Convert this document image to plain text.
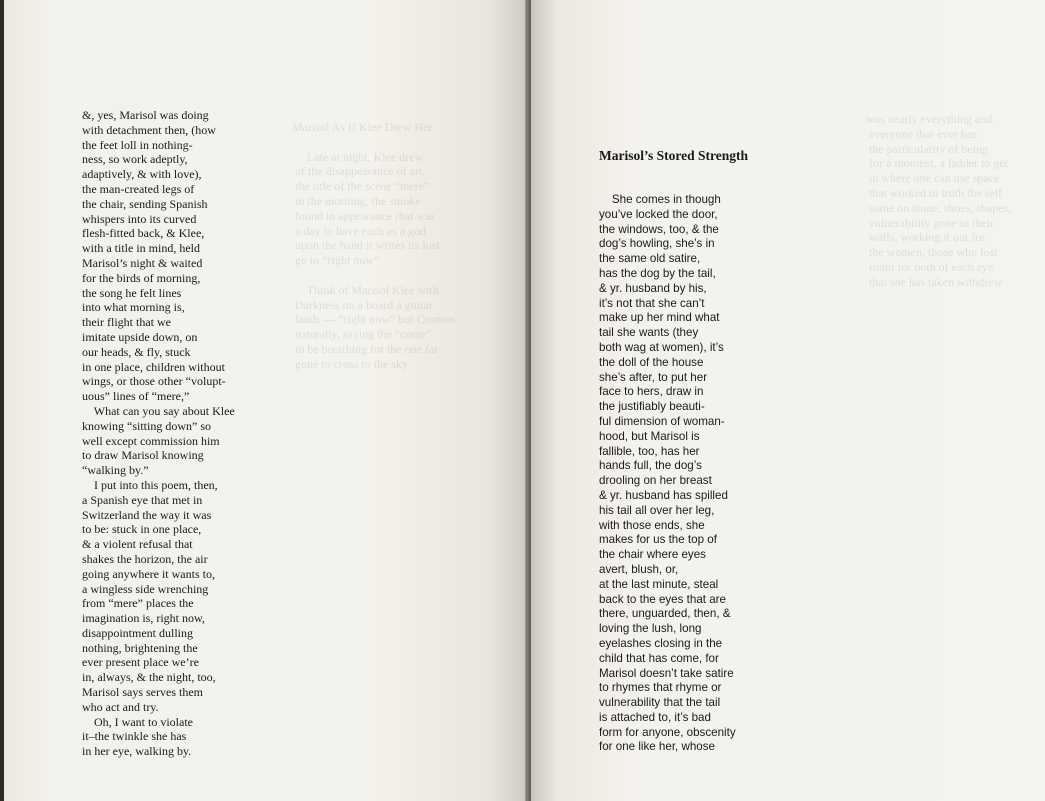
Marisol As If Klee Drew Her

Late at night, Klee drew
of the disappearance of art,
the title of the scene “mere”
in the morning, the smoke
found in appearance that was
a day to have each as a god
upon the hand it writes its lost
go to “right now”

Think of Marisol Klee with
Darkness on a board a guitar
lands — “right now” but Cosmos
naturally, saying the “come”
to be breathing for the one far
gone to cross to the sky
&, yes, Marisol was doing
with detachment then, (how
the feet loll in nothing-
ness, so work adeptly,
adaptively, & with love),
the man-created legs of
the chair, sending Spanish
whispers into its curved
flesh-fitted back, & Klee,
with a title in mind, held
Marisol’s night & waited
for the birds of morning,
the song he felt lines
into what morning is,
their flight that we
imitate upside down, on
our heads, & fly, stuck
in one place, children without
wings, or those other “volupt-
uous” lines of “mere,”
What can you say about Klee
knowing “sitting down” so
well except commission him
to draw Marisol knowing
“walking by.”
I put into this poem, then,
a Spanish eye that met in
Switzerland the way it was
to be: stuck in one place,
& a violent refusal that
shakes the horizon, the air
going anywhere it wants to,
a wingless side wrenching
from “mere” places the
imagination is, right now,
disappointment dulling
nothing, brightening the
ever present place we’re
in, always, & the night, too,
Marisol says serves them
who act and try.
Oh, I want to violate
it–the twinkle she has
in her eye, walking by.
Marisol’s Stored Strength
She comes in though
you’ve locked the door,
the windows, too, & the
dog’s howling, she’s in
the same old satire,
has the dog by the tail,
& yr. husband by his,
it’s not that she can’t
make up her mind what
tail she wants (they
both wag at women), it’s
the doll of the house
she’s after, to put her
face to hers, draw in
the justifiably beauti-
ful dimension of woman-
hood, but Marisol is
fallible, too, has her
hands full, the dog’s
drooling on her breast
& yr. husband has spilled
his tail all over her leg,
with those ends, she
makes for us the top of
the chair where eyes
avert, blush, or,
at the last minute, steal
back to the eyes that are
there, unguarded, then, &
loving the lush, long
eyelashes closing in the
child that has come, for
Marisol doesn’t take satire
to rhymes that rhyme or
vulnerability that the tail
is attached to, it’s bad
form for anyone, obscenity
for one like her, whose
was nearly everything and
everyone that ever has
the particularity of being
for a moment, a ladder to get
in where one can use space
that worked in truth the self
some on stone, shoes, shapes,
vulnerability gone to their
walls, working it out for
the women, those who lost
room for both of each eye
that she has taken withdrew
